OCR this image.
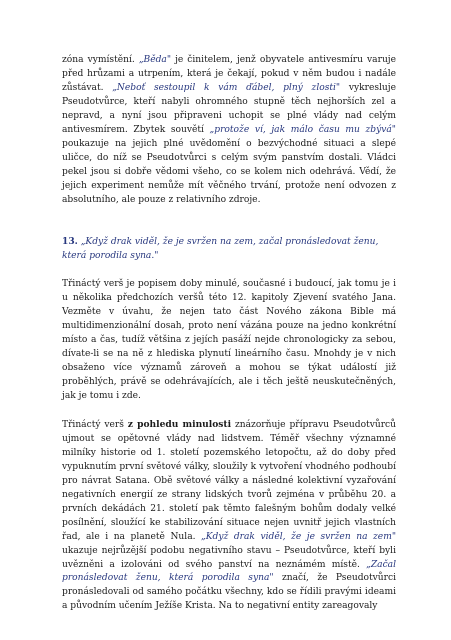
zóna vymístění. „Běda" je činitelem, jenž obyvatele antivesmíru varuje před hrůzami a utrpením, která je čekají, pokud v něm budou i nadále zůstávat. „Neboť sestoupil k vám ďábel, plný zlosti" vykresluje Pseudotvůrce, kteří nabyli ohromného stupně těch nejhorších zel a nepravd, a nyní jsou připraveni uchopit se plné vlády nad celým antivesmírem. Zbytek souvětí „protože ví, jak málo času mu zbývá" poukazuje na jejich plné uvědomění o bezvýchodné situaci a slepé uličce, do níž se Pseudotvůrci s celým svým panstvím dostali. Vládci pekel jsou si dobře vědomi všeho, co se kolem nich odehrává. Vědí, že jejich experiment nemůže mít věčného trvání, protože není odvozen z absolutního, ale pouze z relativního zdroje.

13. „Když drak viděl, že je svržen na zem, začal pronásledovat ženu, která porodila syna."

Třináctý verš je popisem doby minulé, současné i budoucí, jak tomu je i u několika předchozích veršů této 12. kapitoly Zjevení svatého Jana. Vezměte v úvahu, že nejen tato část Nového zákona Bible má multidimenzionální dosah, proto není vázána pouze na jedno konkrétní místo a čas, tudíž většina z jejích pasáží nejde chronologicky za sebou, dívate-li se na ně z hlediska plynutí lineárního času. Mnohdy je v nich obsaženo více významů zároveň a mohou se týkat událostí již proběhlých, právě se odehrávajících, ale i těch ještě neuskutečněných, jak je tomu i zde.

Třináctý verš z pohledu minulosti znázorňuje přípravu Pseudotvůrců ujmout se opětovné vlády nad lidstvem. Téměř všechny významné milníky historie od 1. století pozemského letopočtu, až do doby před vypuknutím první světové války, sloužily k vytvoření vhodného podhoubí pro návrat Satana. Obě světové války a následné kolektivní vyzařování negativních energií ze strany lidských tvorů zejména v průběhu 20. a prvních dekádách 21. století pak těmto falešným bohům dodaly velké posílnění, sloužící ke stabilizování situace nejen uvnitř jejich vlastních řad, ale i na planetě Nula. „Když drak viděl, že je svržen na zem" ukazuje nejrůzější podobu negativního stavu – Pseudotvůrce, kteří byli uvězněni a izolováni od svého panství na neznámém místě. „Začal pronásledovat ženu, která porodila syna" značí, že Pseudotvůrci pronásledovali od samého počátku všechny, kdo se řídili pravými ideami a původním učením Ježíše Krista. Na to negativní entity zareagovaly
